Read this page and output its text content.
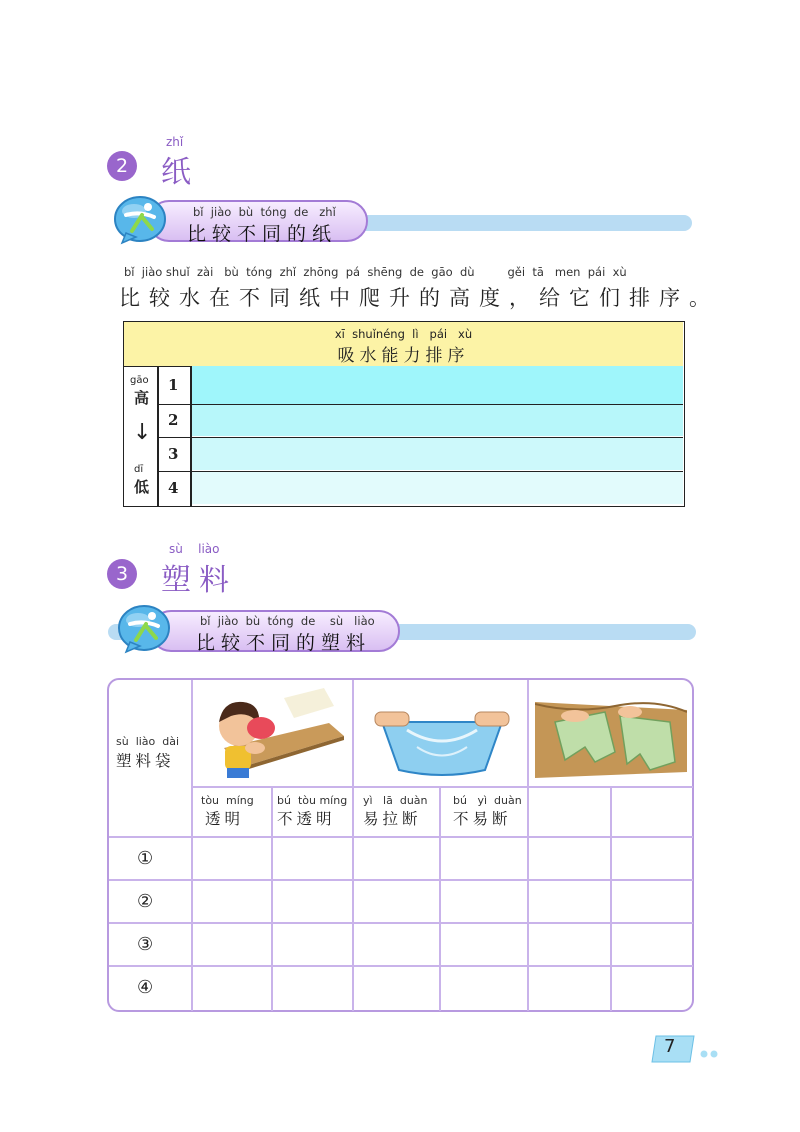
zhǐ
2 纸
bǐ  jiào  bù  tóng  de   zhǐ
比较不同的纸
bǐ  jiào shuǐ  zài   bù  tóng  zhǐ  zhōng  pá  shēng  de  gāo  dù         gěi  tā   men  pái  xù
比较水在不同纸中爬升的高度，给它们排序。
xī  shuǐnéng  lì   pái   xù
吸水能力排序
gāo
高
↓
dī
低
1
2
3
4
sù    liào
3 塑料
bǐ  jiào  bù  tóng  de    sù   liào
比较不同的塑料
sù  liào  dài
塑料袋
tòu  míng
透明
bú  tòu míng
不透明
yì   lā  duàn
易拉断
bú   yì  duàn
不易断
①
②
③
④
7
